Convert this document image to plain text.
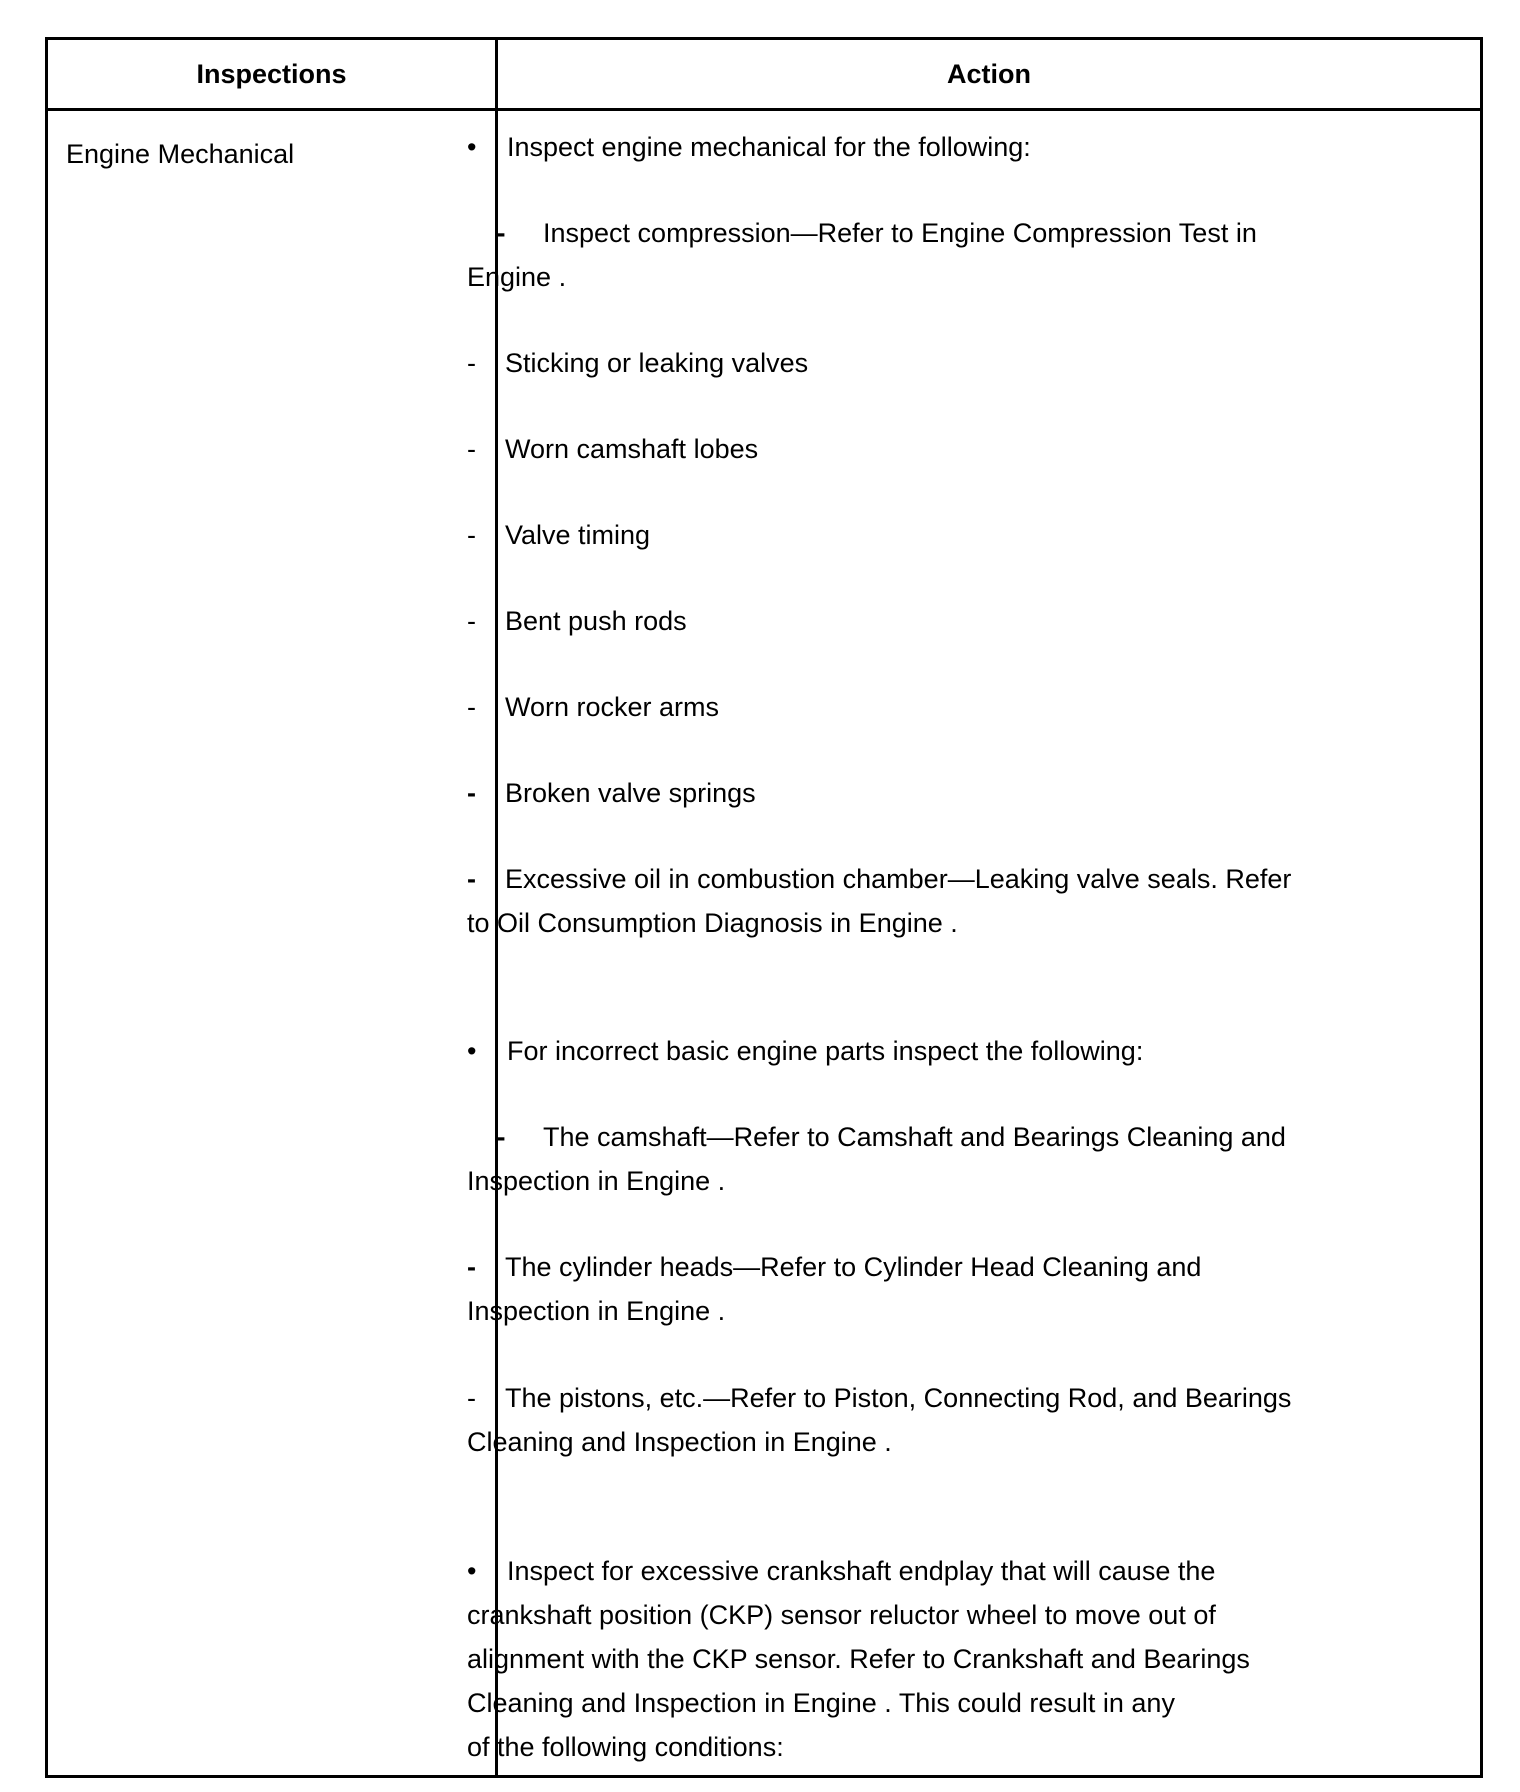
Inspections	Action
Engine Mechanical	• Inspect engine mechanical for the following:
- Inspect compression—Refer to Engine Compression Test in
Engine .
- Sticking or leaking valves
- Worn camshaft lobes
- Valve timing
- Bent push rods
- Worn rocker arms
- Broken valve springs
- Excessive oil in combustion chamber—Leaking valve seals. Refer
to Oil Consumption Diagnosis in Engine .
• For incorrect basic engine parts inspect the following:
- The camshaft—Refer to Camshaft and Bearings Cleaning and
Inspection in Engine .
- The cylinder heads—Refer to Cylinder Head Cleaning and
Inspection in Engine .
- The pistons, etc.—Refer to Piston, Connecting Rod, and Bearings
Cleaning and Inspection in Engine .
• Inspect for excessive crankshaft endplay that will cause the
crankshaft position (CKP) sensor reluctor wheel to move out of
alignment with the CKP sensor. Refer to Crankshaft and Bearings
Cleaning and Inspection in Engine . This could result in any
of the following conditions:
